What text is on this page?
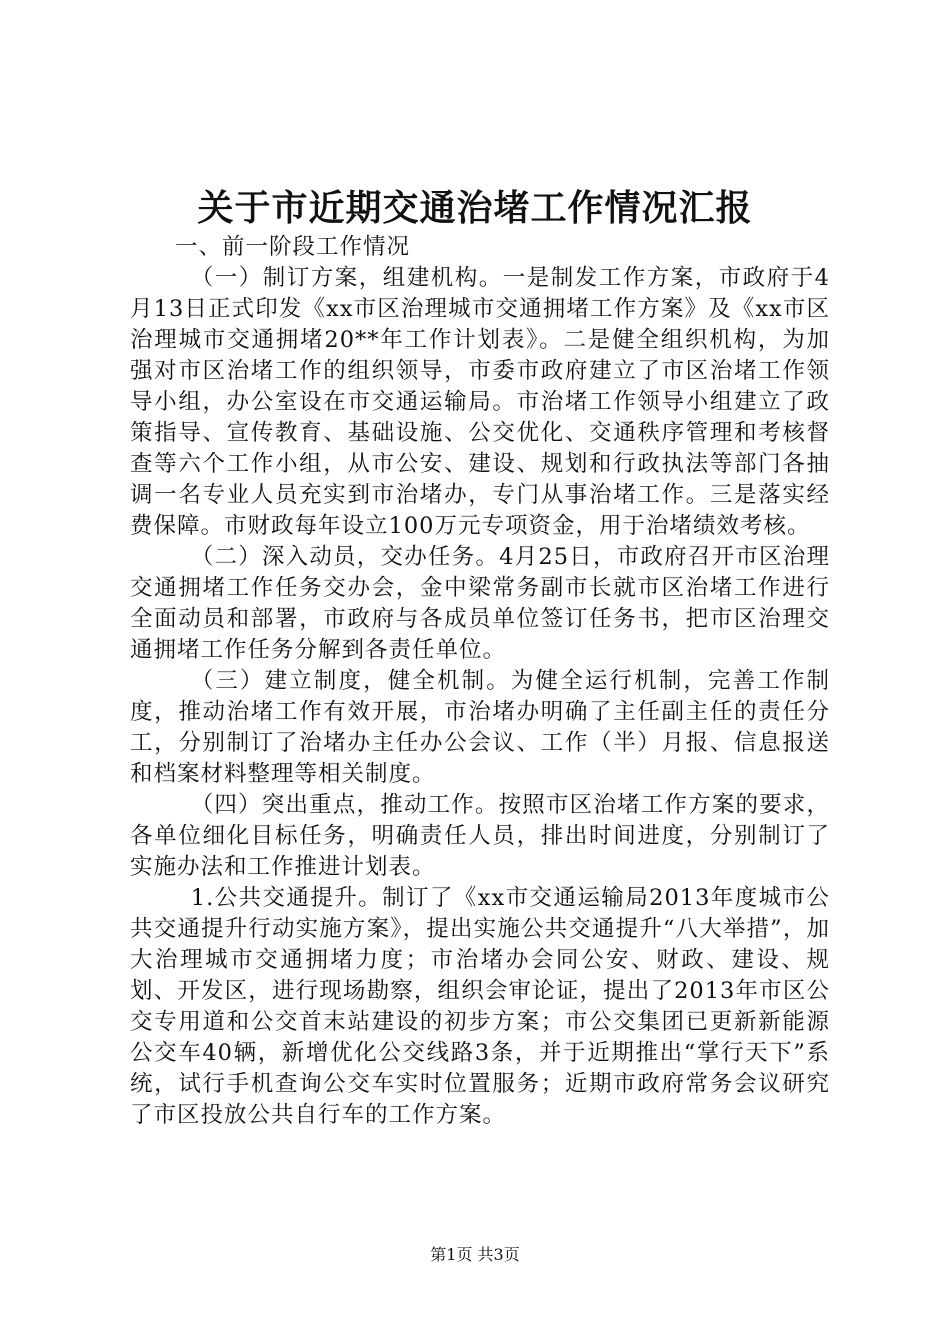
关于市近期交通治堵工作情况汇报

一、前一阶段工作情况

（一）制订方案，组建机构。一是制发工作方案，市政府于4月13日正式印发《xx市区治理城市交通拥堵工作方案》及《xx市区治理城市交通拥堵20**年工作计划表》。二是健全组织机构，为加强对市区治堵工作的组织领导，市委市政府建立了市区治堵工作领导小组，办公室设在市交通运输局。市治堵工作领导小组建立了政策指导、宣传教育、基础设施、公交优化、交通秩序管理和考核督查等六个工作小组，从市公安、建设、规划和行政执法等部门各抽调一名专业人员充实到市治堵办，专门从事治堵工作。三是落实经费保障。市财政每年设立100万元专项资金，用于治堵绩效考核。

（二）深入动员，交办任务。4月25日，市政府召开市区治理交通拥堵工作任务交办会，金中梁常务副市长就市区治堵工作进行全面动员和部署，市政府与各成员单位签订任务书，把市区治理交通拥堵工作任务分解到各责任单位。

（三）建立制度，健全机制。为健全运行机制，完善工作制度，推动治堵工作有效开展，市治堵办明确了主任副主任的责任分工，分别制订了治堵办主任办公会议、工作（半）月报、信息报送和档案材料整理等相关制度。

（四）突出重点，推动工作。按照市区治堵工作方案的要求，各单位细化目标任务，明确责任人员，排出时间进度，分别制订了实施办法和工作推进计划表。

1.公共交通提升。制订了《xx市交通运输局2013年度城市公共交通提升行动实施方案》，提出实施公共交通提升“八大举措”，加大治理城市交通拥堵力度；市治堵办会同公安、财政、建设、规划、开发区，进行现场勘察，组织会审论证，提出了2013年市区公交专用道和公交首末站建设的初步方案；市公交集团已更新新能源公交车40辆，新增优化公交线路3条，并于近期推出“掌行天下”系统，试行手机查询公交车实时位置服务；近期市政府常务会议研究了市区投放公共自行车的工作方案。

第1页 共3页
